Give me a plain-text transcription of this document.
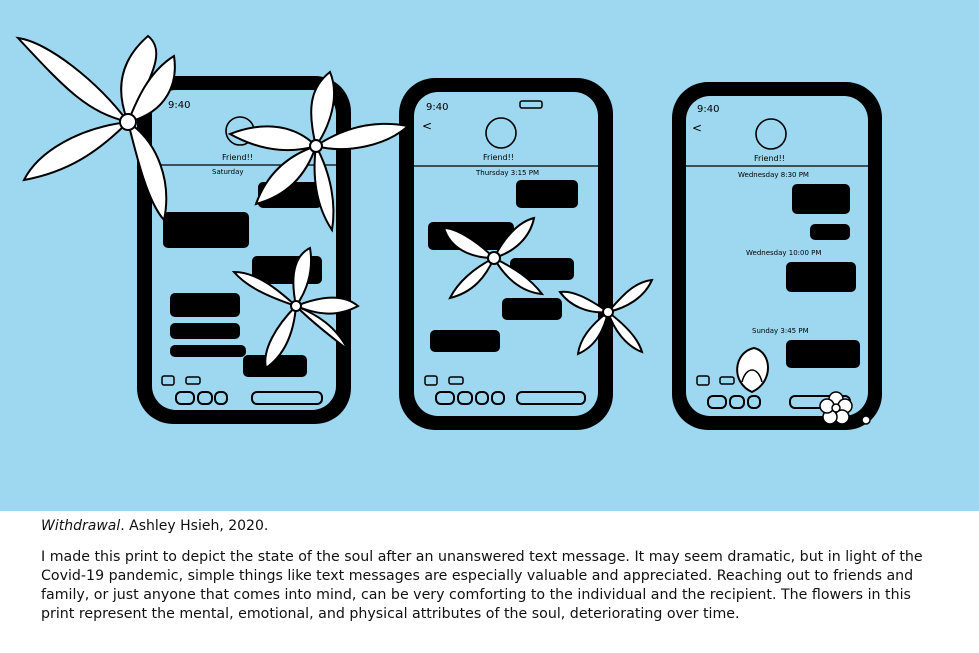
9:40
Friend!!
Saturday
9:40
<
Friend!!
Thursday 3:15 PM
9:40
<
Friend!!
Wednesday 8:30 PM
Wednesday 10:00 PM
Sunday 3:45 PM

Withdrawal. Ashley Hsieh, 2020.

I made this print to depict the state of the soul after an unanswered text message. It may seem dramatic, but in light of the Covid-19 pandemic, simple things like text messages are especially valuable and appreciated. Reaching out to friends and family, or just anyone that comes into mind, can be very comforting to the individual and the recipient. The flowers in this print represent the mental, emotional, and physical attributes of the soul, deteriorating over time.
